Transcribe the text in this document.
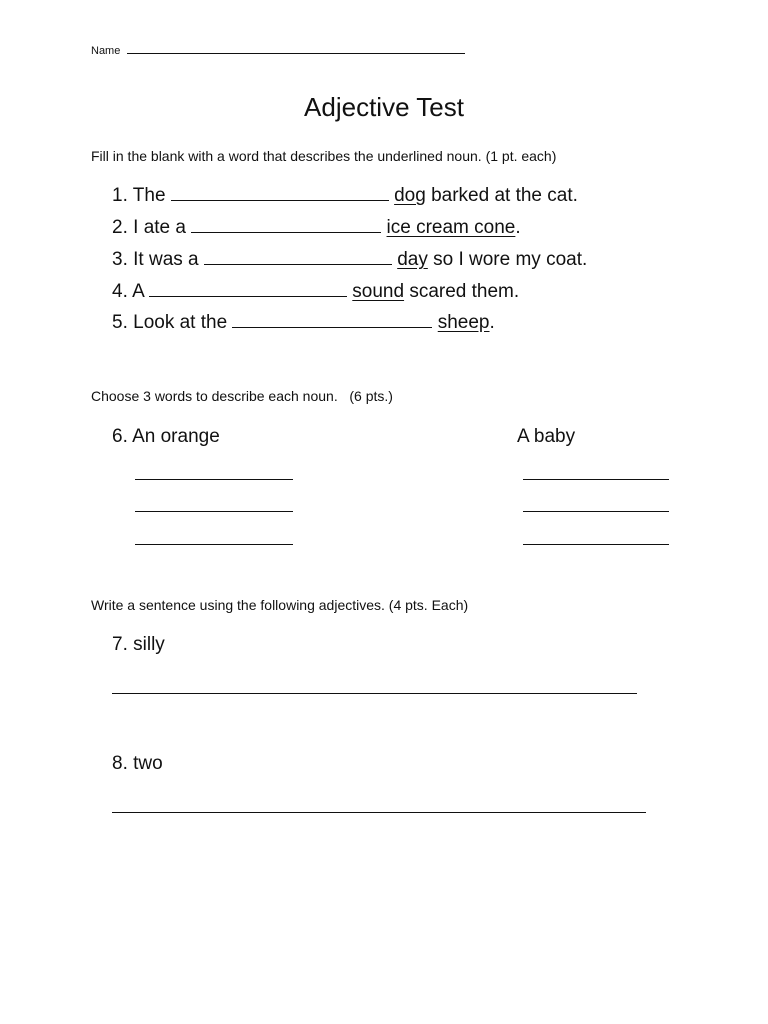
Name
Adjective Test
Fill in the blank with a word that describes the underlined noun. (1 pt. each)
1. The	dog barked at the cat.
2. I ate a	ice cream cone.
3. It was a	day so I wore my coat.
4. A	sound scared them.
5. Look at the	sheep.
Choose 3 words to describe each noun.   (6 pts.)
6. An orange	A baby
Write a sentence using the following adjectives. (4 pts. Each)
7. silly
8. two
